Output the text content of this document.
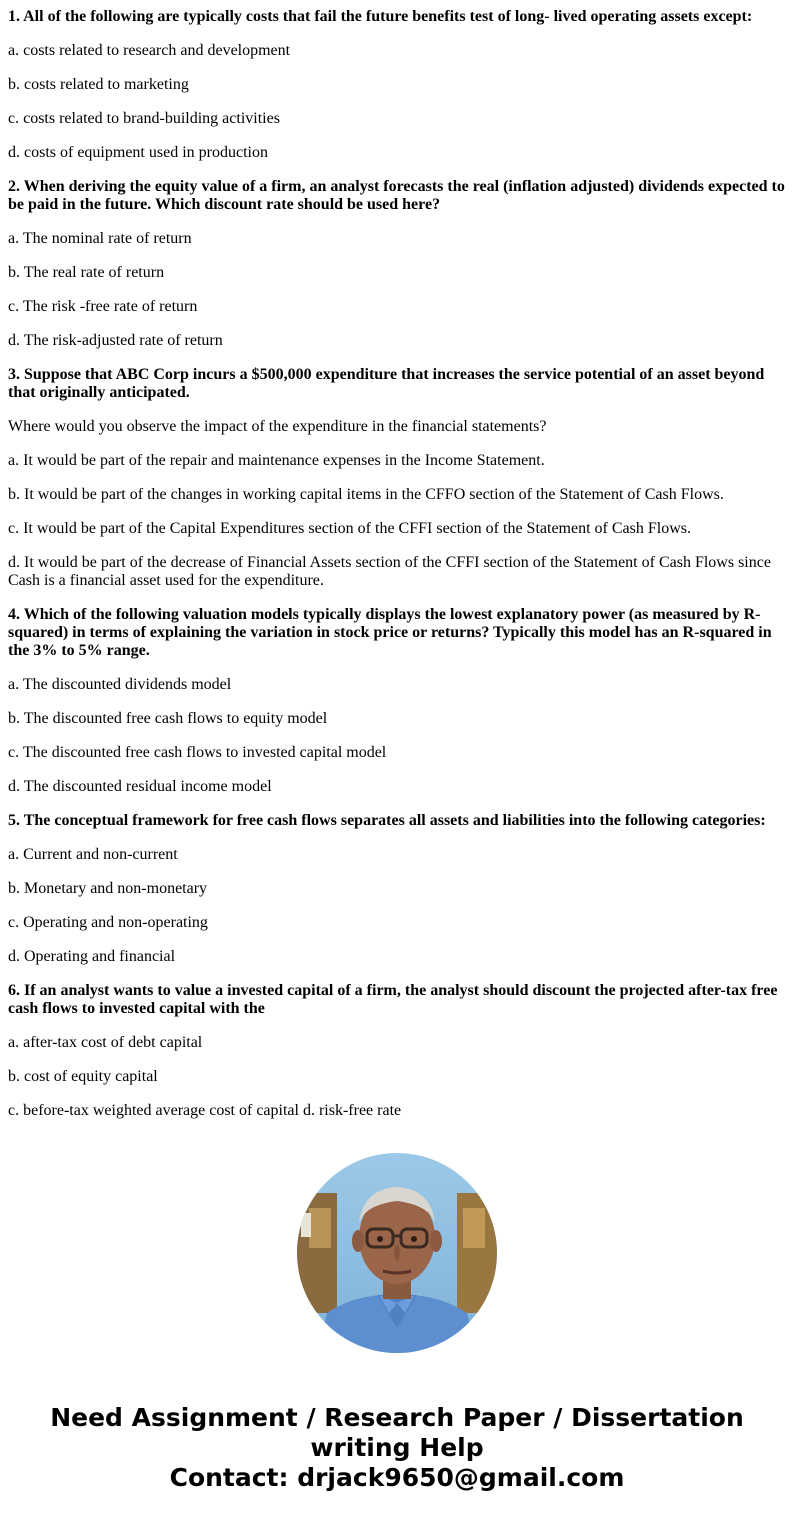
1. All of the following are typically costs that fail the future benefits test of long- lived operating assets except:
a. costs related to research and development
b. costs related to marketing
c. costs related to brand-building activities
d. costs of equipment used in production
2. When deriving the equity value of a firm, an analyst forecasts the real (inflation adjusted) dividends expected to be paid in the future. Which discount rate should be used here?
a. The nominal rate of return
b. The real rate of return
c. The risk -free rate of return
d. The risk-adjusted rate of return
3. Suppose that ABC Corp incurs a $500,000 expenditure that increases the service potential of an asset beyond that originally anticipated.
Where would you observe the impact of the expenditure in the financial statements?
a. It would be part of the repair and maintenance expenses in the Income Statement.
b. It would be part of the changes in working capital items in the CFFO section of the Statement of Cash Flows.
c. It would be part of the Capital Expenditures section of the CFFI section of the Statement of Cash Flows.
d. It would be part of the decrease of Financial Assets section of the CFFI section of the Statement of Cash Flows since Cash is a financial asset used for the expenditure.
4. Which of the following valuation models typically displays the lowest explanatory power (as measured by R-squared) in terms of explaining the variation in stock price or returns? Typically this model has an R-squared in the 3% to 5% range.
a. The discounted dividends model
b. The discounted free cash flows to equity model
c. The discounted free cash flows to invested capital model
d. The discounted residual income model
5. The conceptual framework for free cash flows separates all assets and liabilities into the following categories:
a. Current and non-current
b. Monetary and non-monetary
c. Operating and non-operating
d. Operating and financial
6. If an analyst wants to value a invested capital of a firm, the analyst should discount the projected after-tax free cash flows to invested capital with the
a. after-tax cost of debt capital
b. cost of equity capital
c. before-tax weighted average cost of capital d. risk-free rate
Need Assignment / Research Paper / Dissertation
writing Help
Contact: drjack9650@gmail.com
